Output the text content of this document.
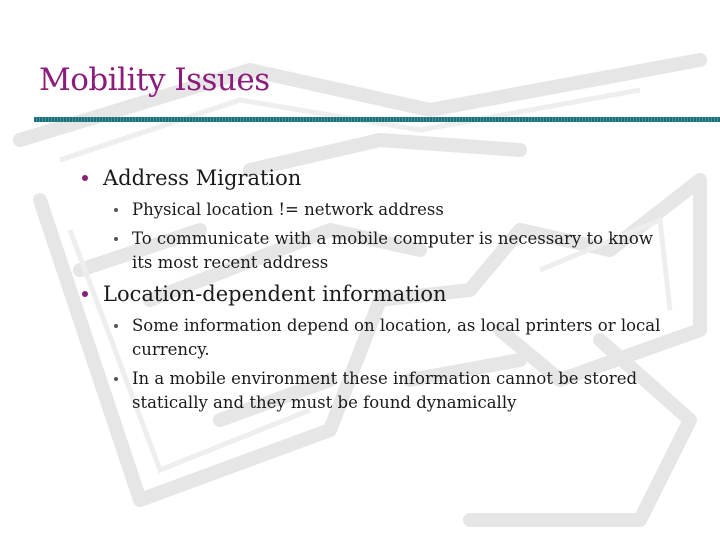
Mobility Issues
Address Migration
Physical location != network address
To communicate with a mobile computer is necessary to know its most recent address
Location-dependent information
Some information depend on location, as local printers or local currency.
In a mobile environment these information cannot be stored statically and they must be found dynamically
